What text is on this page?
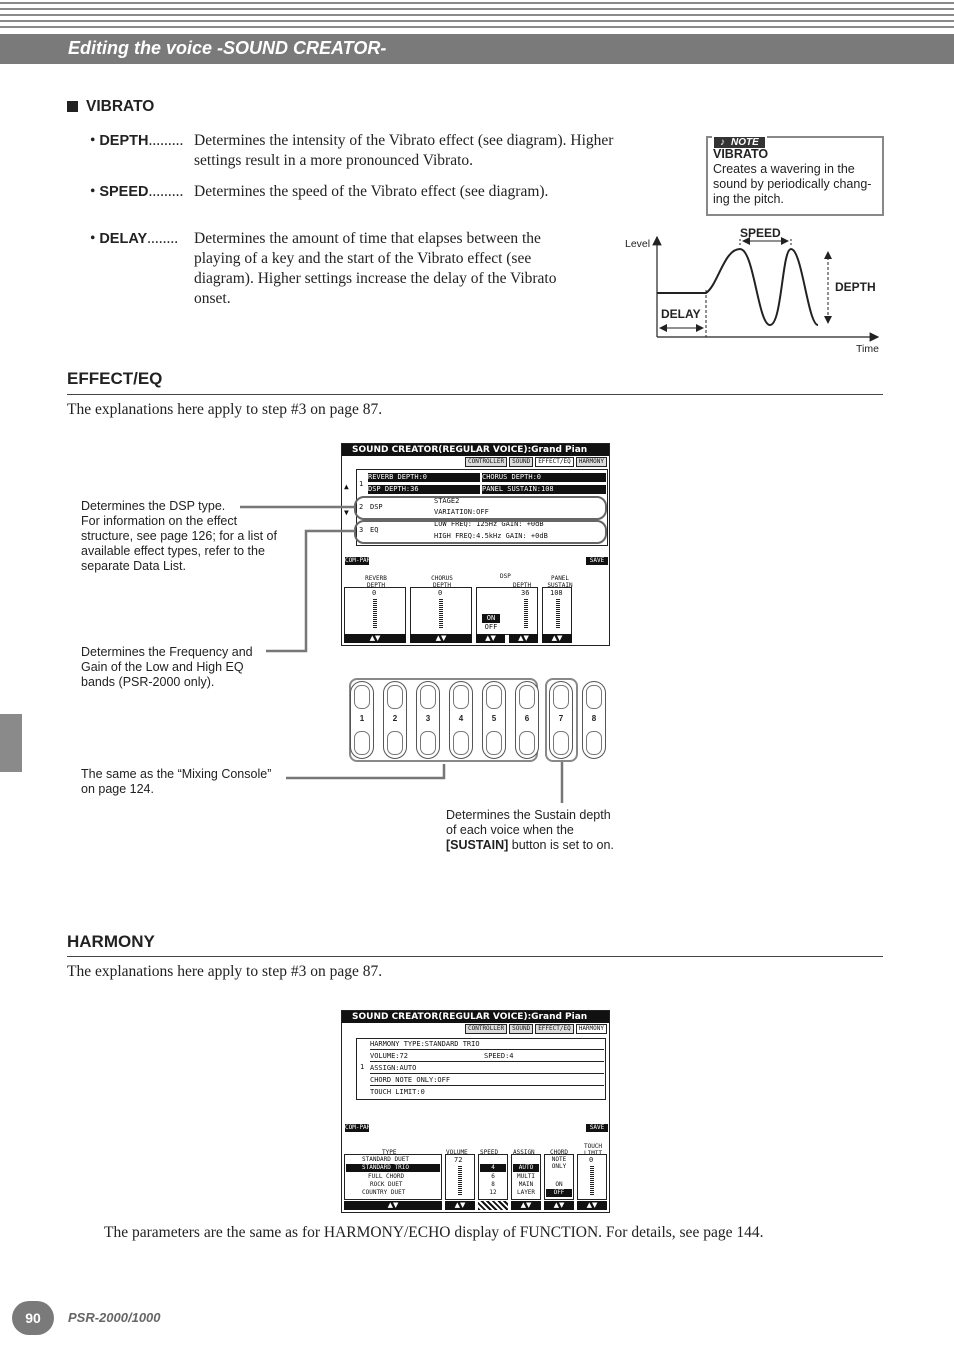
Editing the voice -SOUND CREATOR-
VIBRATO
• DEPTH......... Determines the intensity of the Vibrato effect (see diagram). Higher
settings result in a more pronounced Vibrato.
• SPEED......... Determines the speed of the Vibrato effect (see diagram).
• DELAY........ Determines the amount of time that elapses between the
playing of a key and the start of the Vibrato effect (see
diagram). Higher settings increase the delay of the Vibrato
onset.
♪ NOTE
VIBRATO
Creates a wavering in the
sound by periodically chang-
ing the pitch.
Level
Time
SPEED
DEPTH
DELAY
EFFECT/EQ
The explanations here apply to step #3 on page 87.
SOUND CREATOR(REGULAR VOICE):Grand Pian
CONTROLLER	SOUND	EFFECT/EQ	HARMONY
▲
▼
1
REVERB DEPTH:0	CHORUS DEPTH:0
DSP DEPTH:36	PANEL SUSTAIN:108
2 DSP
STAGE2
VARIATION:OFF
3 EQ
LOW FREQ: 125Hz GAIN: +0dB
HIGH FREQ:4.5kHz GAIN: +0dB
COM-PARE	SAVE
REVERB DEPTH
CHORUS DEPTH
DSP
DEPTH
PANEL SUSTAIN
0	0	36	108
ON
OFF
▲▼	▲▼	▲▼	▲▼	▲▼
Determines the DSP type.
For information on the effect
structure, see page 126; for a list of
available effect types, refer to the
separate Data List.
Determines the Frequency and
Gain of the Low and High EQ
bands (PSR-2000 only).
The same as the “Mixing Console”
on page 124.
Determines the Sustain depth
of each voice when the
[SUSTAIN] button is set to on.
1	2	3	4	5	6	7	8
HARMONY
The explanations here apply to step #3 on page 87.
SOUND CREATOR(REGULAR VOICE):Grand Pian
CONTROLLER	SOUND	EFFECT/EQ	HARMONY
1
HARMONY TYPE:STANDARD TRIO
VOLUME:72	SPEED:4
ASSIGN:AUTO
CHORD NOTE ONLY:OFF
TOUCH LIMIT:0
COM-PARE	SAVE
TYPE
STANDARD DUET
STANDARD TRIO
FULL CHORD
ROCK DUET
COUNTRY DUET
VOLUME
72
SPEED
4
6
8
12
ASSIGN
AUTO
MULTI
MAIN
LAYER
CHORD NOTE ONLY
ON
OFF
TOUCH LIMIT
0
▲▼	▲▼	▲▼	▲▼	▲▼
The parameters are the same as for HARMONY/ECHO display of FUNCTION. For details, see page 144.
90	PSR-2000/1000
